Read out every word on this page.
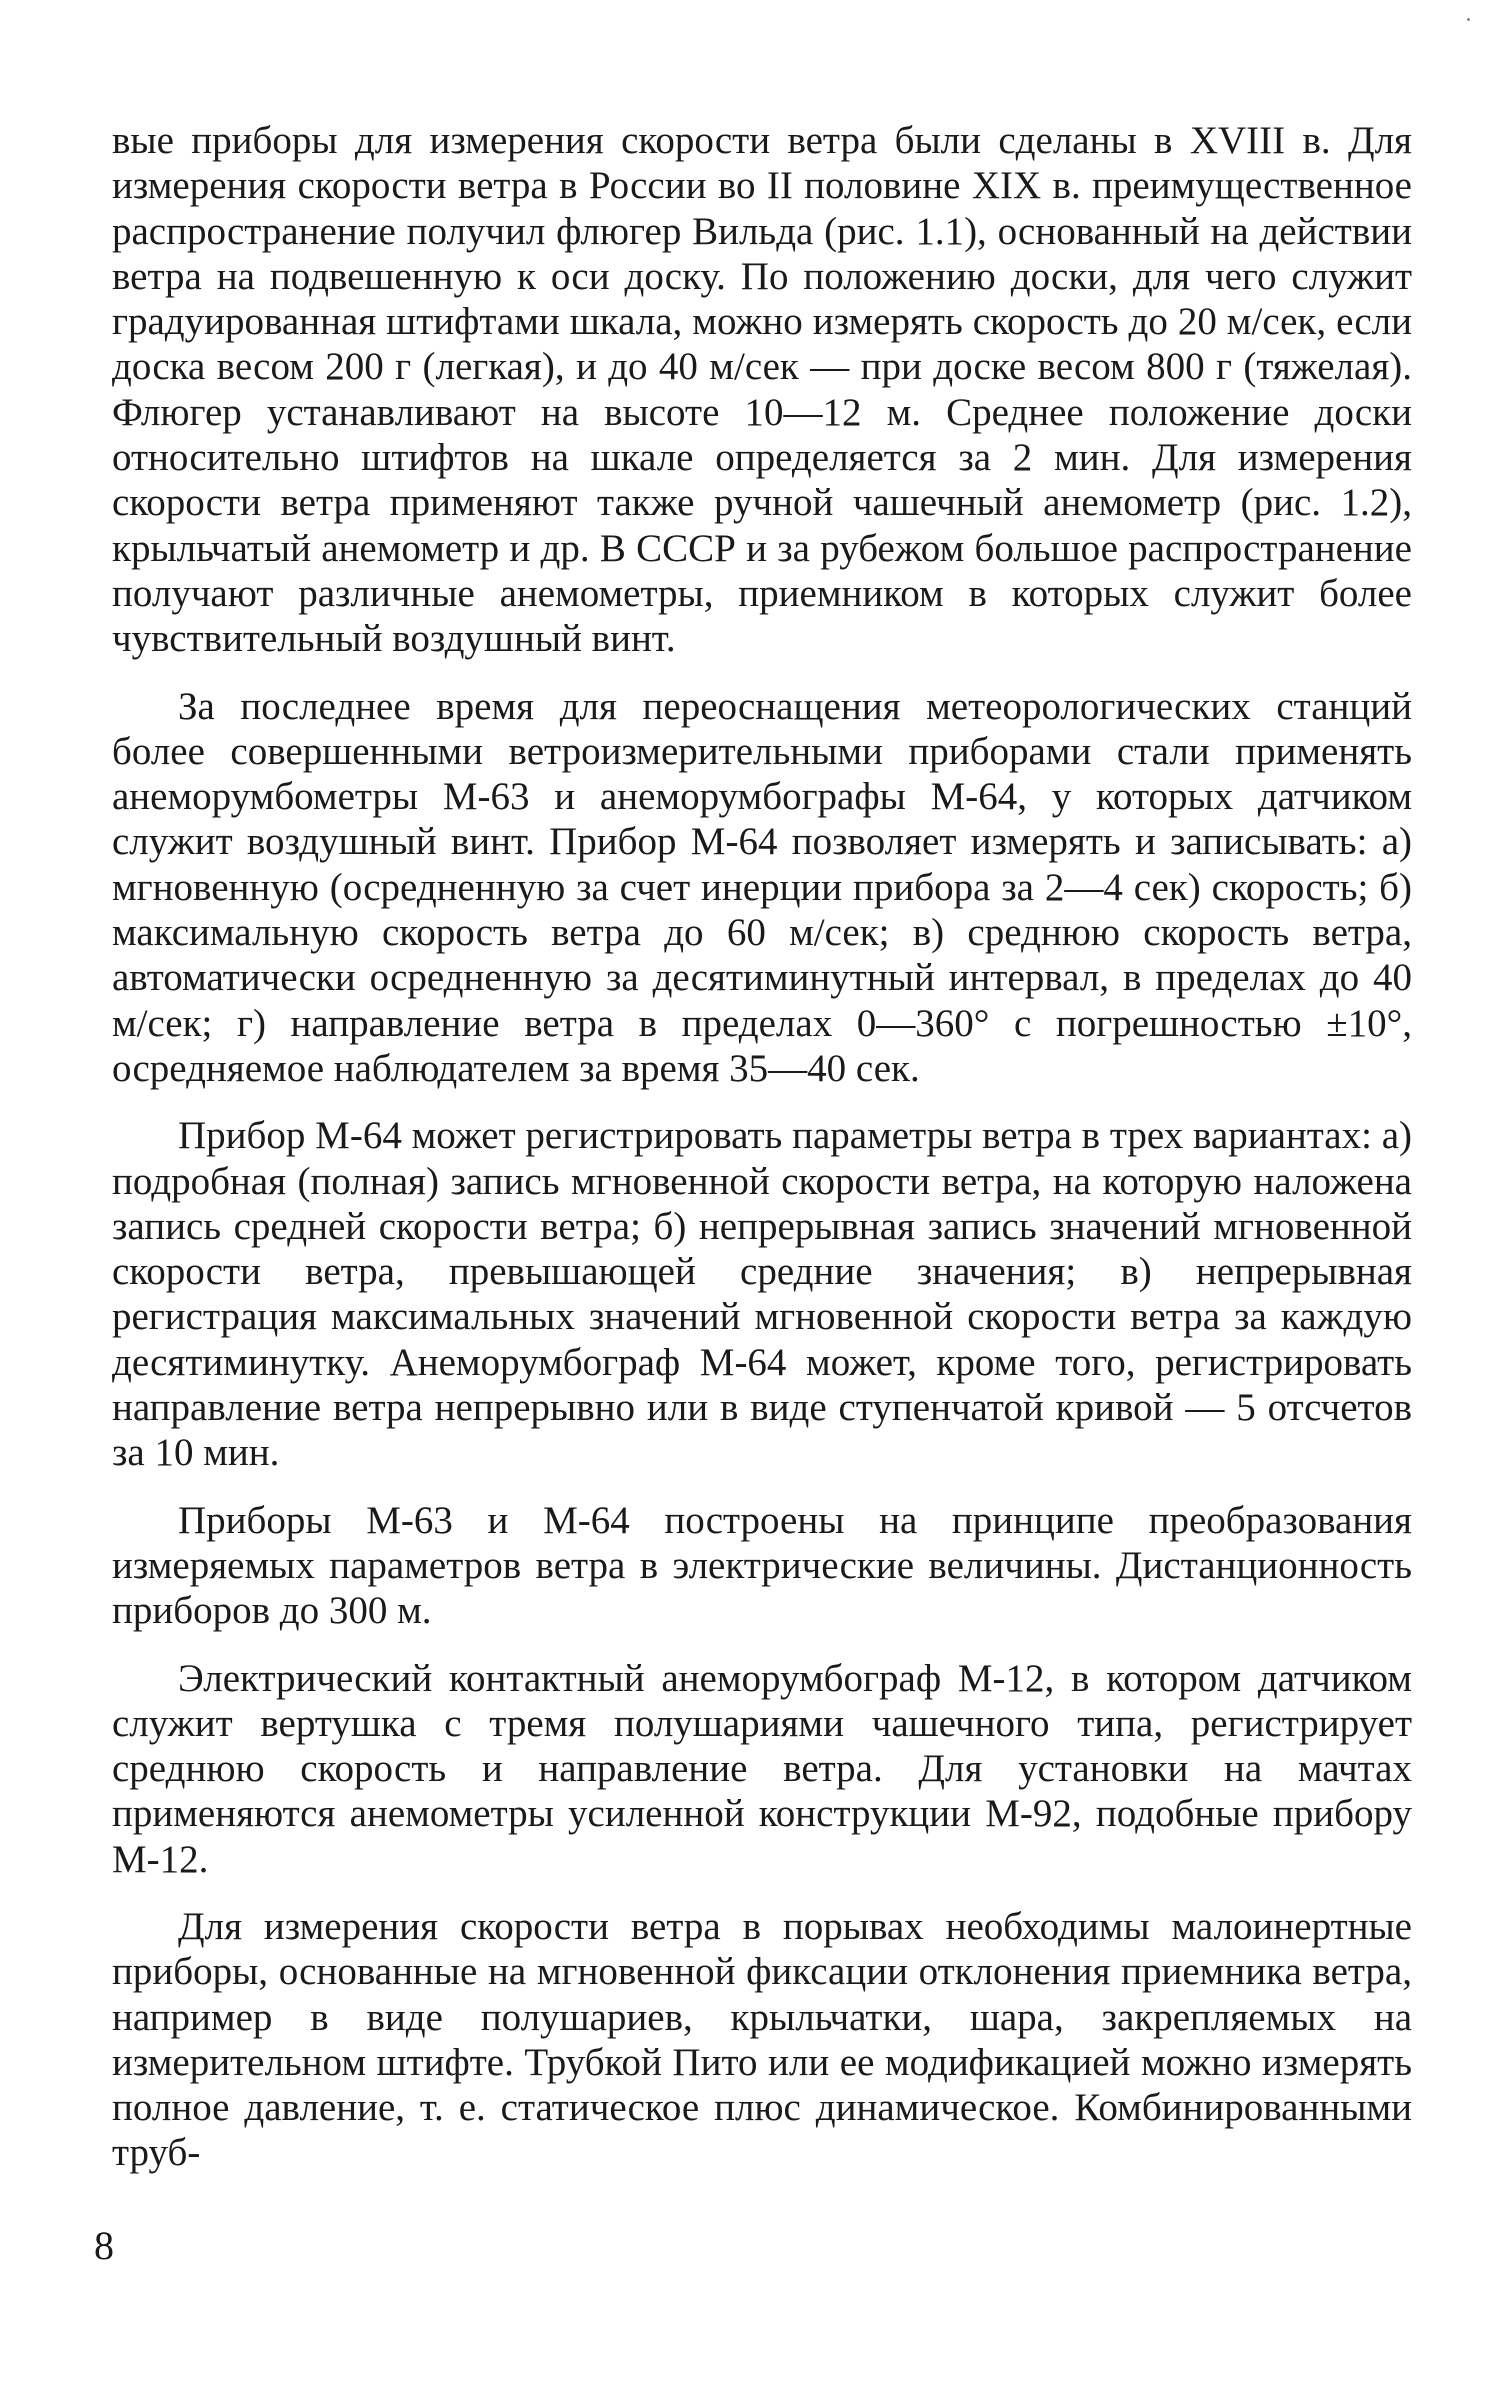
вые приборы для измерения скорости ветра были сделаны в XVIII в. Для измерения скорости ветра в России во II половине XIX в. преимущественное распространение получил флюгер Вильда (рис. 1.1), основанный на действии ветра на подвешенную к оси доску. По положению доски, для чего служит градуированная штифтами шкала, можно измерять скорость до 20 м/сек, если доска весом 200 г (легкая), и до 40 м/сек — при доске весом 800 г (тяжелая). Флюгер устанавливают на высоте 10—12 м. Среднее положение доски относительно штифтов на шкале определяется за 2 мин. Для измерения скорости ветра применяют также ручной чашечный анемометр (рис. 1.2), крыльчатый анемометр и др. В СССР и за рубежом большое распространение получают различные анемометры, приемником в которых служит более чувствительный воздушный винт.

За последнее время для переоснащения метеорологических станций более совершенными ветроизмерительными приборами стали применять анеморумбометры М-63 и анеморумбографы М-64, у которых датчиком служит воздушный винт. Прибор М-64 позволяет измерять и записывать: а) мгновенную (осредненную за счет инерции прибора за 2—4 сек) скорость; б) максимальную скорость ветра до 60 м/сек; в) среднюю скорость ветра, автоматически осредненную за десятиминутный интервал, в пределах до 40 м/сек; г) направление ветра в пределах 0—360° с погрешностью ±10°, осредняемое наблюдателем за время 35—40 сек.

Прибор М-64 может регистрировать параметры ветра в трех вариантах: а) подробная (полная) запись мгновенной скорости ветра, на которую наложена запись средней скорости ветра; б) непрерывная запись значений мгновенной скорости ветра, превышающей средние значения; в) непрерывная регистрация максимальных значений мгновенной скорости ветра за каждую десятиминутку. Анеморумбограф М-64 может, кроме того, регистрировать направление ветра непрерывно или в виде ступенчатой кривой — 5 отсчетов за 10 мин.

Приборы М-63 и М-64 построены на принципе преобразования измеряемых параметров ветра в электрические величины. Дистанционность приборов до 300 м.

Электрический контактный анеморумбограф М-12, в котором датчиком служит вертушка с тремя полушариями чашечного типа, регистрирует среднюю скорость и направление ветра. Для установки на мачтах применяются анемометры усиленной конструкции М-92, подобные прибору М-12.

Для измерения скорости ветра в порывах необходимы малоинертные приборы, основанные на мгновенной фиксации отклонения приемника ветра, например в виде полушариев, крыльчатки, шара, закрепляемых на измерительном штифте. Трубкой Пито или ее модификацией можно измерять полное давление, т. е. статическое плюс динамическое. Комбинированными труб-

8
